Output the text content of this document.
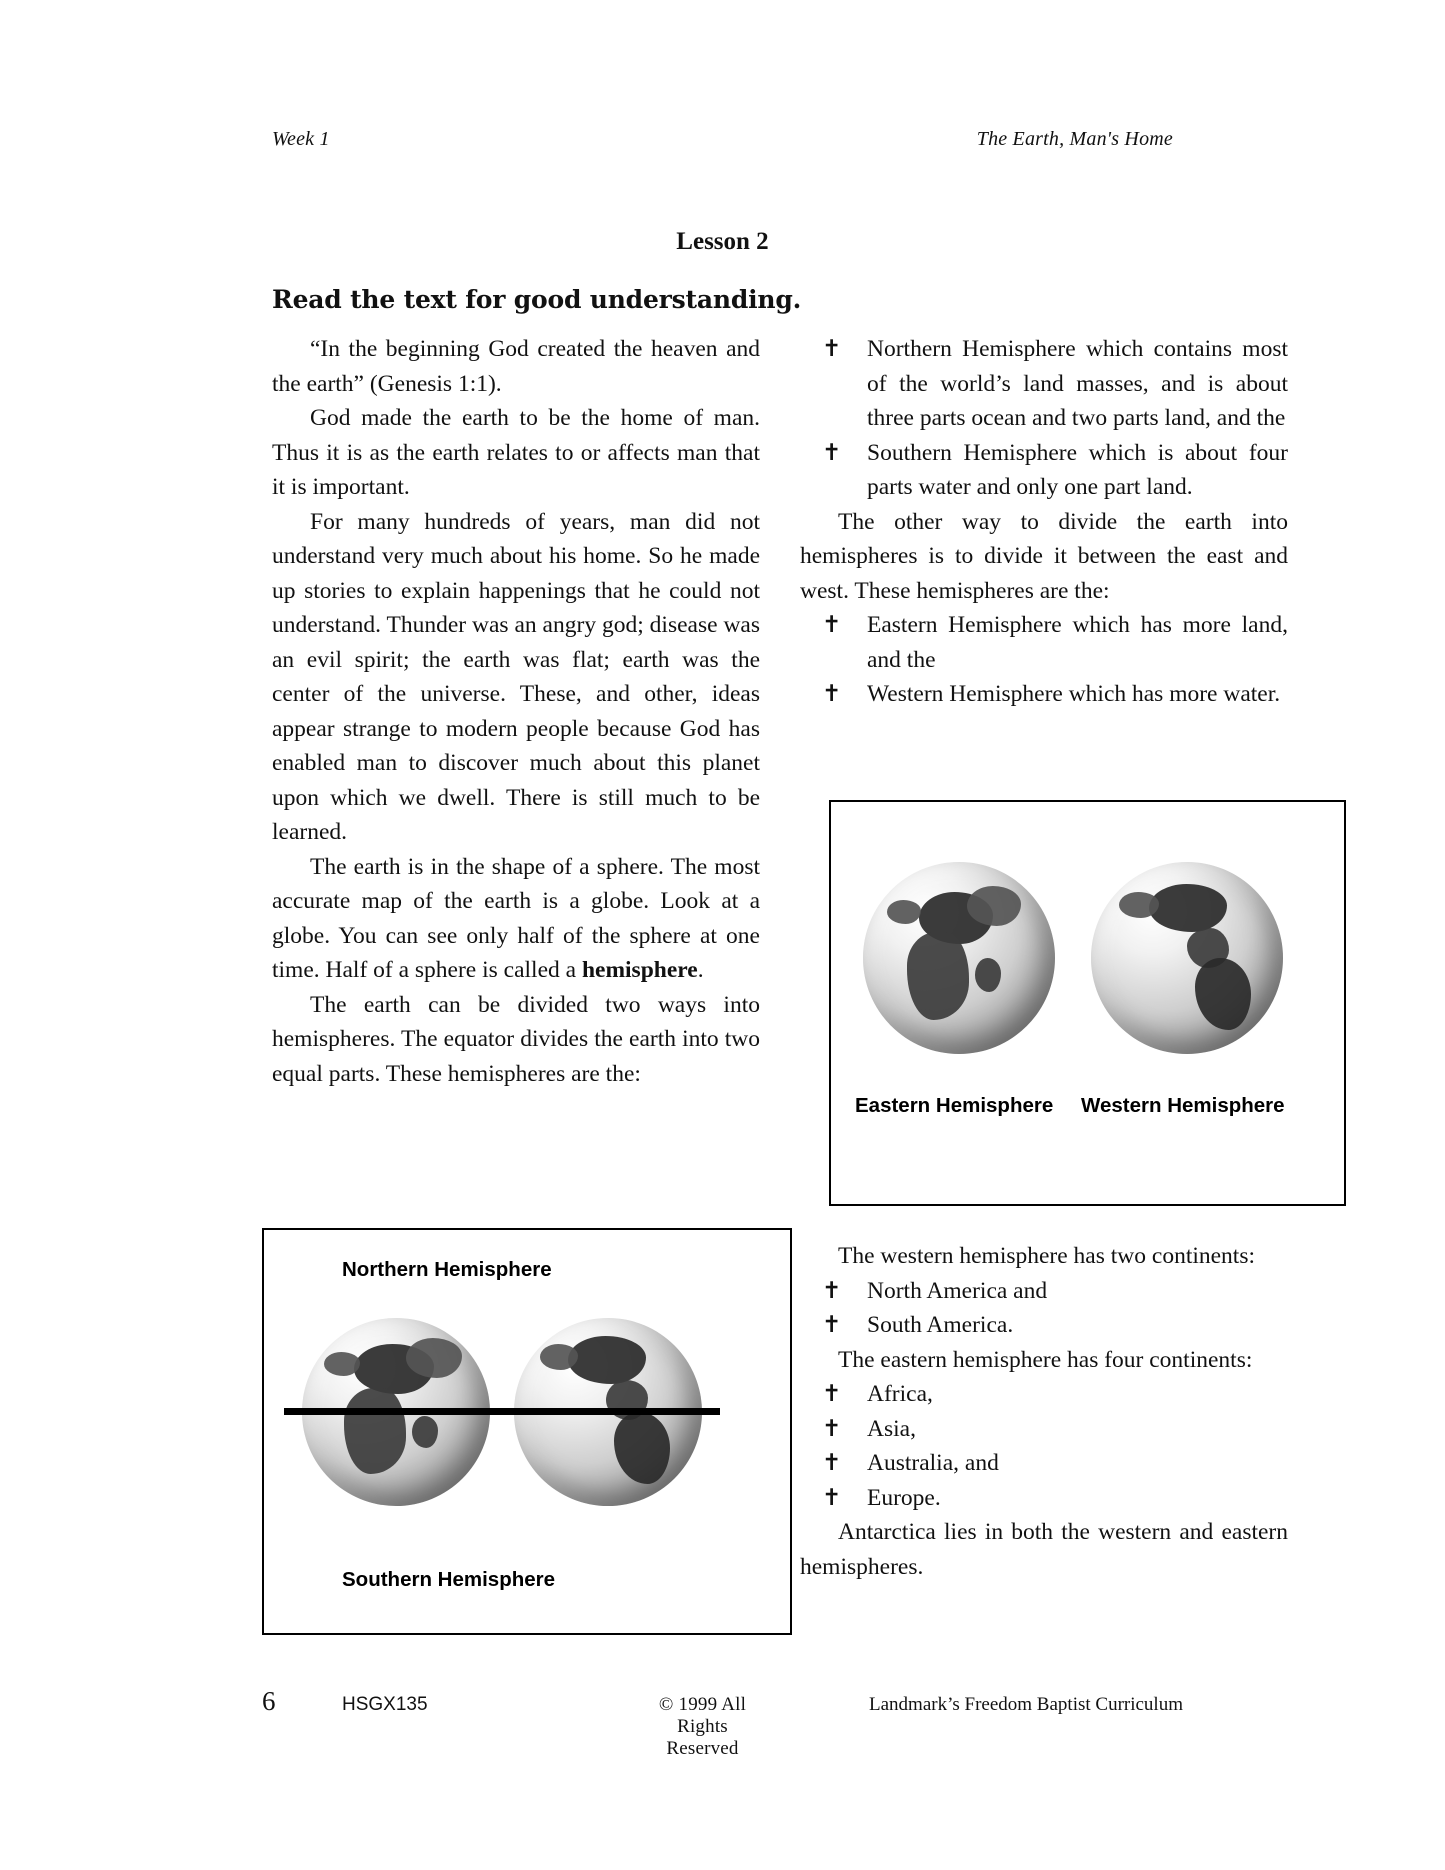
Week 1	The Earth, Man's Home
Lesson 2
Read the text for good understanding.

“In the beginning God created the heaven and the earth” (Genesis 1:1).

God made the earth to be the home of man. Thus it is as the earth relates to or affects man that it is important.

For many hundreds of years, man did not understand very much about his home. So he made up stories to explain happenings that he could not understand. Thunder was an angry god; disease was an evil spirit; the earth was flat; earth was the center of the universe. These, and other, ideas appear strange to modern people because God has enabled man to discover much about this planet upon which we dwell. There is still much to be learned.

The earth is in the shape of a sphere. The most accurate map of the earth is a globe. Look at a globe. You can see only half of the sphere at one time. Half of a sphere is called a hemisphere.

The earth can be divided two ways into hemispheres. The equator divides the earth into two equal parts. These hemispheres are the:

✝ Northern Hemisphere which contains most of the world’s land masses, and is about three parts ocean and two parts land, and the
✝ Southern Hemisphere which is about four parts water and only one part land.

The other way to divide the earth into hemispheres is to divide it between the east and west. These hemispheres are the:

✝ Eastern Hemisphere which has more land, and the
✝ Western Hemisphere which has more water.

The western hemisphere has two continents:

✝ North America and
✝ South America.

The eastern hemisphere has four continents:

✝ Africa,
✝ Asia,
✝ Australia, and
✝ Europe.

Antarctica lies in both the western and eastern hemispheres.

Eastern Hemisphere Western Hemisphere
Northern Hemisphere
Southern Hemisphere
6	HSGX135	© 1999 All Rights Reserved
Landmark’s Freedom Baptist Curriculum
